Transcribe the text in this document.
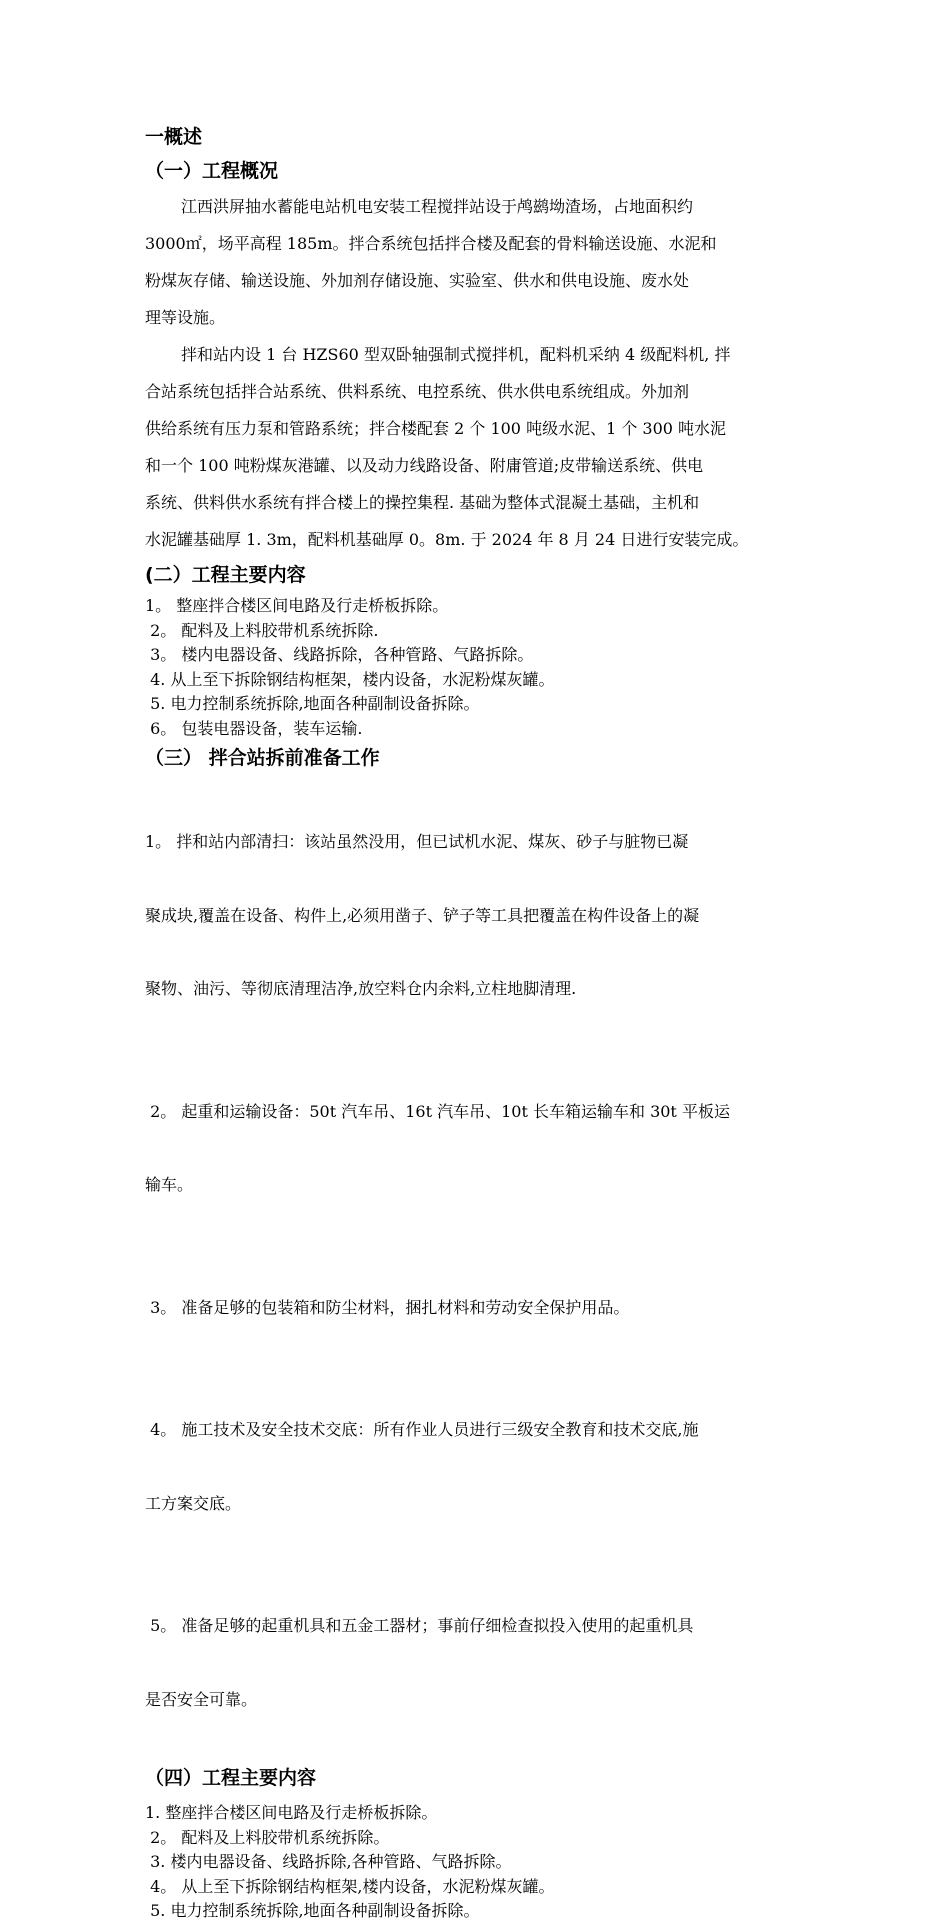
一概述
（一）工程概况

江西洪屏抽水蓄能电站机电安装工程搅拌站设于鸬鹚坳渣场，占地面积约
3000㎡，场平高程 185m。拌合系统包括拌合楼及配套的骨料输送设施、水泥和
粉煤灰存储、输送设施、外加剂存储设施、实验室、供水和供电设施、废水处
理等设施。

拌和站内设 1 台 HZS60 型双卧轴强制式搅拌机，配料机采纳 4 级配料机, 拌
合站系统包括拌合站系统、供料系统、电控系统、供水供电系统组成。外加剂
供给系统有压力泵和管路系统；拌合楼配套 2 个 100 吨级水泥、1 个 300 吨水泥
和一个 100 吨粉煤灰港罐、以及动力线路设备、附庸管道;皮带输送系统、供电
系统、供料供水系统有拌合楼上的操控集程. 基础为整体式混凝土基础，主机和
水泥罐基础厚 1. 3m，配料机基础厚 0。8m. 于 2024 年 8 月 24 日进行安装完成。

(二）工程主要内容
1。 整座拌合楼区间电路及行走桥板拆除。
2。 配料及上料胶带机系统拆除.
3。 楼内电器设备、线路拆除，各种管路、气路拆除。
4. 从上至下拆除钢结构框架，楼内设备，水泥粉煤灰罐。
5. 电力控制系统拆除,地面各种副制设备拆除。
6。 包装电器设备，装车运输.
（三） 拌合站拆前准备工作

1。 拌和站内部清扫：该站虽然没用，但已试机水泥、煤灰、砂子与脏物已凝

聚成块,覆盖在设备、构件上,必须用凿子、铲子等工具把覆盖在构件设备上的凝

聚物、油污、等彻底清理洁净,放空料仓内余料,立柱地脚清理.

2。 起重和运输设备：50t 汽车吊、16t 汽车吊、10t 长车箱运输车和 30t 平板运

输车。

3。 准备足够的包装箱和防尘材料，捆扎材料和劳动安全保护用品。

4。 施工技术及安全技术交底：所有作业人员进行三级安全教育和技术交底,施

工方案交底。

5。 准备足够的起重机具和五金工器材；事前仔细检查拟投入使用的起重机具

是否安全可靠。

（四）工程主要内容
1. 整座拌合楼区间电路及行走桥板拆除。
2。 配料及上料胶带机系统拆除。
3. 楼内电器设备、线路拆除,各种管路、气路拆除。
4。 从上至下拆除钢结构框架,楼内设备，水泥粉煤灰罐。
5. 电力控制系统拆除,地面各种副制设备拆除。
